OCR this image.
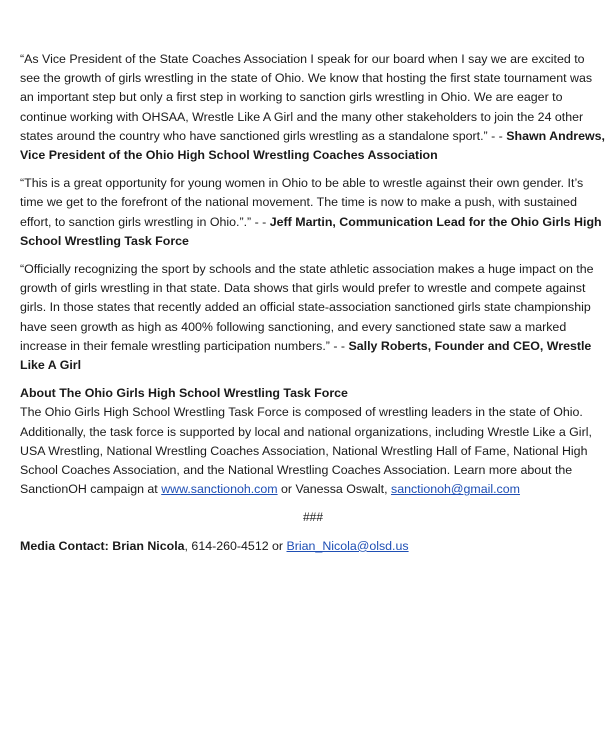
“As Vice President of the State Coaches Association I speak for our board when I say we are excited to see the growth of girls wrestling in the state of Ohio. We know that hosting the first state tournament was an important step but only a first step in working to sanction girls wrestling in Ohio. We are eager to continue working with OHSAA, Wrestle Like A Girl and the many other stakeholders to join the 24 other states around the country who have sanctioned girls wrestling as a standalone sport.” - - Shawn Andrews, Vice President of the Ohio High School Wrestling Coaches Association

“This is a great opportunity for young women in Ohio to be able to wrestle against their own gender. It’s time we get to the forefront of the national movement. The time is now to make a push, with sustained effort, to sanction girls wrestling in Ohio.”.” - - Jeff Martin, Communication Lead for the Ohio Girls High School Wrestling Task Force

“Officially recognizing the sport by schools and the state athletic association makes a huge impact on the growth of girls wrestling in that state. Data shows that girls would prefer to wrestle and compete against girls. In those states that recently added an official state-association sanctioned girls state championship have seen growth as high as 400% following sanctioning, and every sanctioned state saw a marked increase in their female wrestling participation numbers.” - - Sally Roberts, Founder and CEO, Wrestle Like A Girl

About The Ohio Girls High School Wrestling Task Force

The Ohio Girls High School Wrestling Task Force is composed of wrestling leaders in the state of Ohio. Additionally, the task force is supported by local and national organizations, including Wrestle Like a Girl, USA Wrestling, National Wrestling Coaches Association, National Wrestling Hall of Fame, National High School Coaches Association, and the National Wrestling Coaches Association. Learn more about the SanctionOH campaign at www.sanctionoh.com or Vanessa Oswalt, sanctionoh@gmail.com

###

Media Contact: Brian Nicola, 614-260-4512 or Brian_Nicola@olsd.us
